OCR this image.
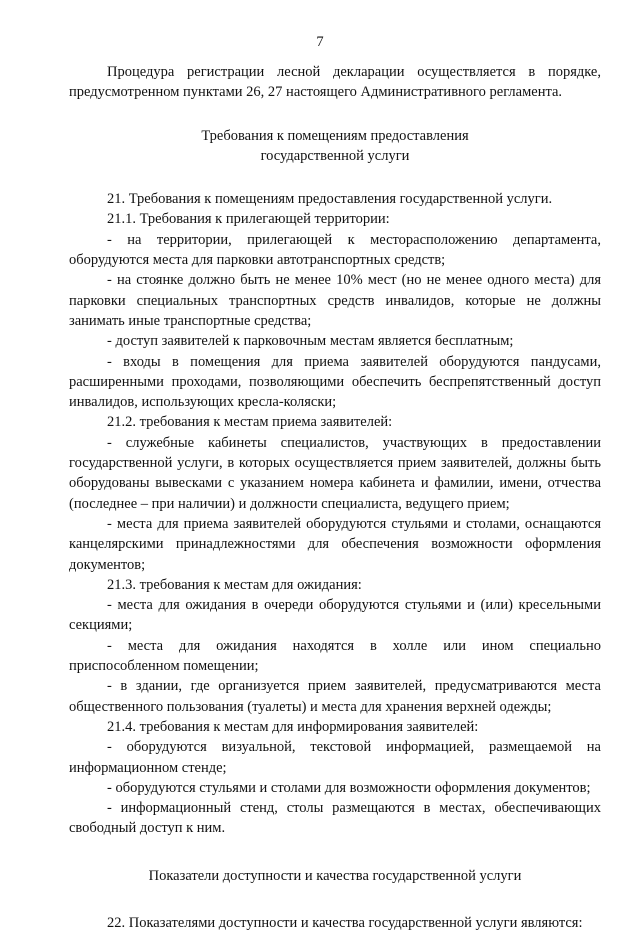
7

Процедура регистрации лесной декларации осуществляется в порядке, предусмотренном пунктами 26, 27 настоящего Административного регламента.

Требования к помещениям предоставления

государственной услуги

21. Требования к помещениям предоставления государственной услуги.

21.1. Требования к прилегающей территории:

- на территории, прилегающей к месторасположению департамента, оборудуются места для парковки автотранспортных средств;

- на стоянке должно быть не менее 10% мест (но не менее одного места) для парковки специальных транспортных средств инвалидов, которые не должны занимать иные транспортные средства;

- доступ заявителей к парковочным местам является бесплатным;

- входы в помещения для приема заявителей оборудуются пандусами, расширенными проходами, позволяющими обеспечить беспрепятственный доступ инвалидов, использующих кресла-коляски;

21.2. требования к местам приема заявителей:

- служебные кабинеты специалистов, участвующих в предоставлении государственной услуги, в которых осуществляется прием заявителей, должны быть оборудованы вывесками с указанием номера кабинета и фамилии, имени, отчества (последнее – при наличии) и должности специалиста, ведущего прием;

- места для приема заявителей оборудуются стульями и столами, оснащаются канцелярскими принадлежностями для обеспечения возможности оформления документов;

21.3. требования к местам для ожидания:

- места для ожидания в очереди оборудуются стульями и (или) кресельными секциями;

- места для ожидания находятся в холле или ином специально приспособленном помещении;

- в здании, где организуется прием заявителей, предусматриваются места общественного пользования (туалеты) и места для хранения верхней одежды;

21.4. требования к местам для информирования заявителей:

- оборудуются визуальной, текстовой информацией, размещаемой на информационном стенде;

- оборудуются стульями и столами для возможности оформления документов;

- информационный стенд, столы размещаются в местах, обеспечивающих свободный доступ к ним.

Показатели доступности и качества государственной услуги

22. Показателями доступности и качества государственной услуги являются:
